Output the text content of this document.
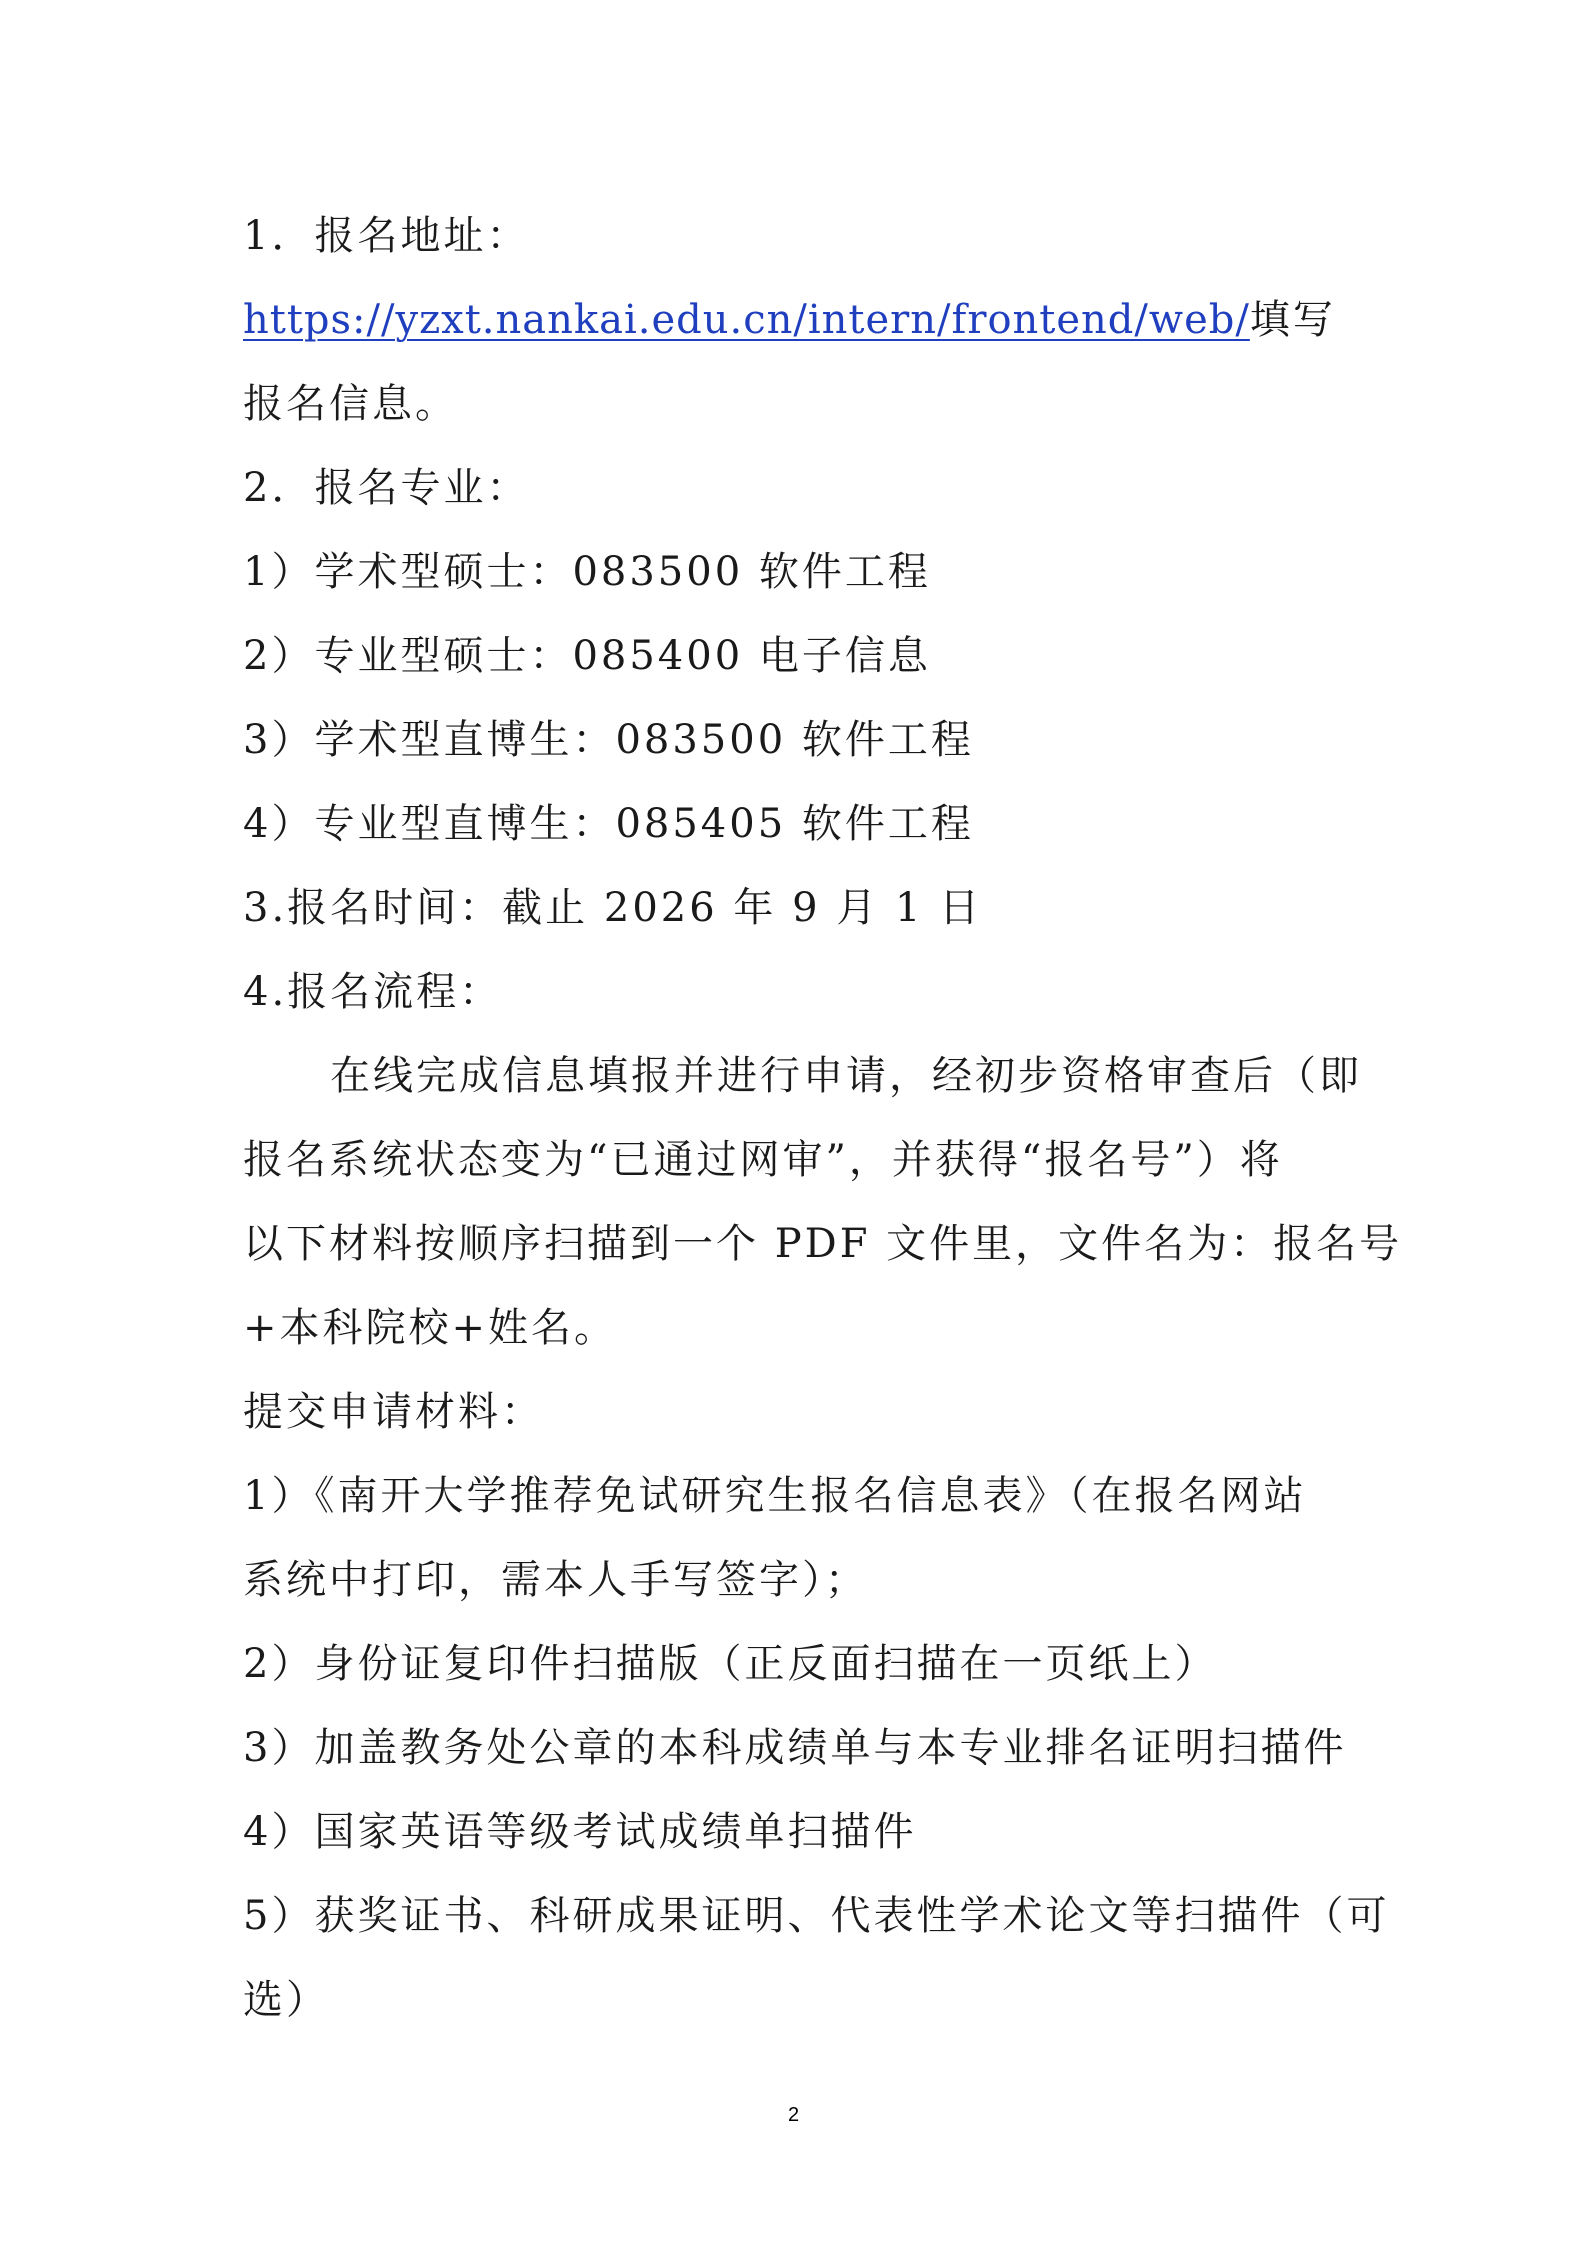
1．报名地址：
https://yzxt.nankai.edu.cn/intern/frontend/web/填写
报名信息。
2．报名专业：
1）学术型硕士：083500 软件工程
2）专业型硕士：085400 电子信息
3）学术型直博生：083500 软件工程
4）专业型直博生：085405 软件工程
3.报名时间：截止 2026 年 9 月 1 日
4.报名流程：
在线完成信息填报并进行申请，经初步资格审查后（即
报名系统状态变为“已通过网审”，并获得“报名号”）将
以下材料按顺序扫描到一个 PDF 文件里，文件名为：报名号
+本科院校+姓名。
提交申请材料：
1）《南开大学推荐免试研究生报名信息表》（在报名网站
系统中打印，需本人手写签字）；
2）身份证复印件扫描版（正反面扫描在一页纸上）
3）加盖教务处公章的本科成绩单与本专业排名证明扫描件
4）国家英语等级考试成绩单扫描件
5）获奖证书、科研成果证明、代表性学术论文等扫描件（可
选）
2
